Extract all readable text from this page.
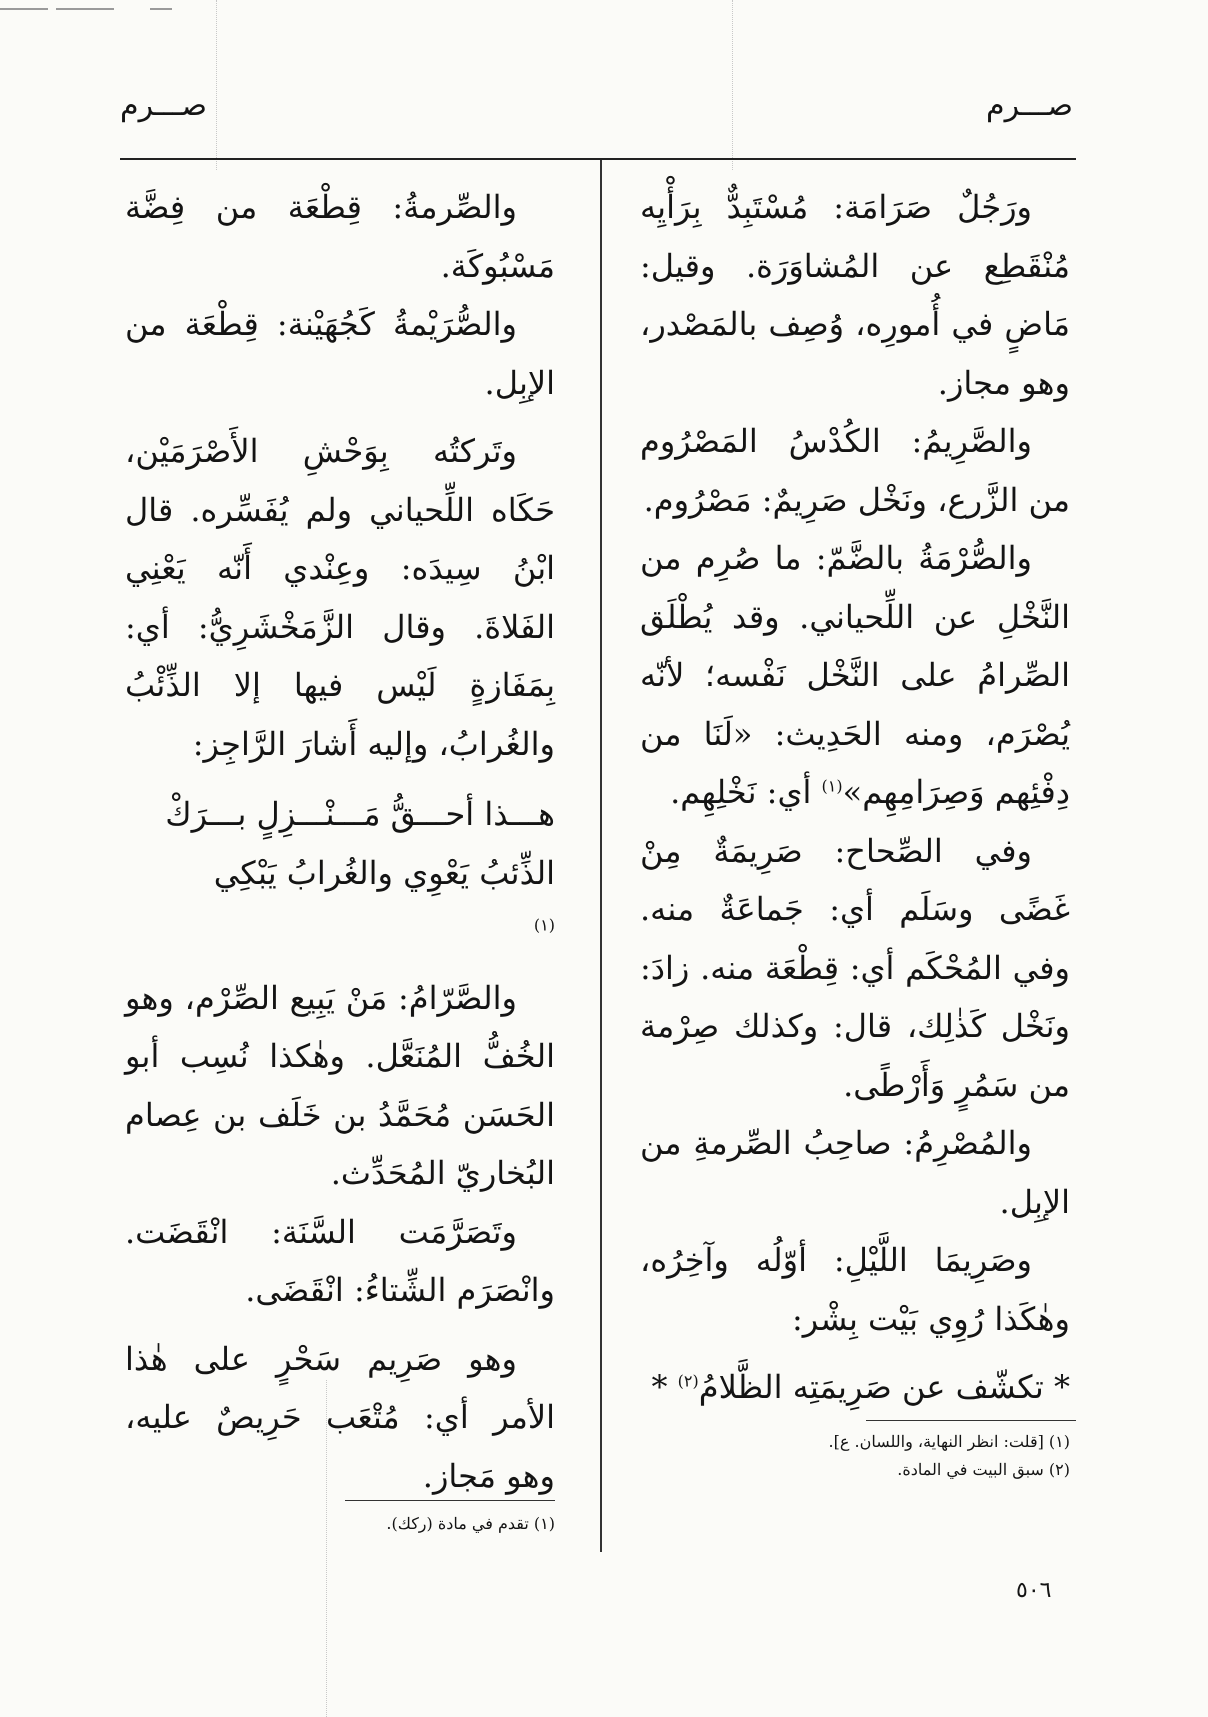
صـــرم
صـــرم

ورَجُلٌ صَرَامَة: مُسْتَبِدٌّ بِرَأْيِه مُنْقَطِع عن المُشاوَرَة. وقيل: مَاضٍ في أُمورِه، وُصِف بالمَصْدر، وهو مجاز.

والصَّرِيمُ: الكُدْسُ المَصْرُوم من الزَّرع، ونَخْل صَرِيمٌ: مَصْرُوم.

والصُّرْمَةُ بالضَّمّ: ما صُرِم من النَّخْلِ عن اللِّحياني. وقد يُطْلَق الصِّرامُ على النَّخْل نَفْسه؛ لأنّه يُصْرَم، ومنه الحَدِيث: «لَنَا من دِفْئِهم وَصِرَامِهِم»$^{(١)}$ أي: نَخْلِهِم.

وفي الصِّحاح: صَرِيمَةٌ مِنْ غَضًى وسَلَم أي: جَماعَةٌ منه. وفي المُحْكَم أي: قِطْعَة منه. زادَ: ونَخْل كَذٰلِك، قال: وكذلك صِرْمة من سَمُرٍ وَأَرْطًى.

والمُصْرِمُ: صاحِبُ الصِّرمةِ من الإبِل.

وصَرِيمَا اللَّيْلِ: أوّلُه وآخِرُه، وهٰكَذا رُوِي بَيْت بِشْر:

* تكشّف عن صَرِيمَتِه الظَّلامُ$^{(٢)}$ *

(١) [قلت: انظر النهاية، واللسان. ع].
(٢) سبق البيت في المادة.

والصِّرمةُ: قِطْعَة من فِضَّة مَسْبُوكَة.

والصُّرَيْمةُ كَجُهَيْنة: قِطْعَة من الإبِل.

وتَركتُه بِوَحْشِ الأَصْرَمَيْن، حَكَاه اللِّحياني ولم يُفَسِّره. قال ابْنُ سِيدَه: وعِنْدي أَنّه يَعْنِي الفَلاةَ. وقال الزَّمَخْشَرِيُّ: أي: بِمَفَازةٍ لَيْس فيها إلا الذِّئْبُ والغُرابُ، وإليه أَشارَ الرَّاجِز:

هـــذا أحـــقُّ مَـــنْـــزِلٍ بـــرَكْ
الذِّئبُ يَعْوِي والغُرابُ يَبْكِي
$^{(١)}$

والصَّرّامُ: مَنْ يَبِيع الصِّرْم، وهو الخُفُّ المُنَعَّل. وهٰكذا نُسِب أبو الحَسَن مُحَمَّدُ بن خَلَف بن عِصام البُخاريّ المُحَدِّث.

وتَصَرَّمَت السَّنَة: انْقَضَت. وانْصَرَم الشِّتاءُ: انْقَضَى.

وهو صَرِيم سَحْرٍ على هٰذا الأمر أي: مُتْعَب حَرِيصٌ عليه، وهو مَجاز.

(١) تقدم في مادة (ركك).
٥٠٦
